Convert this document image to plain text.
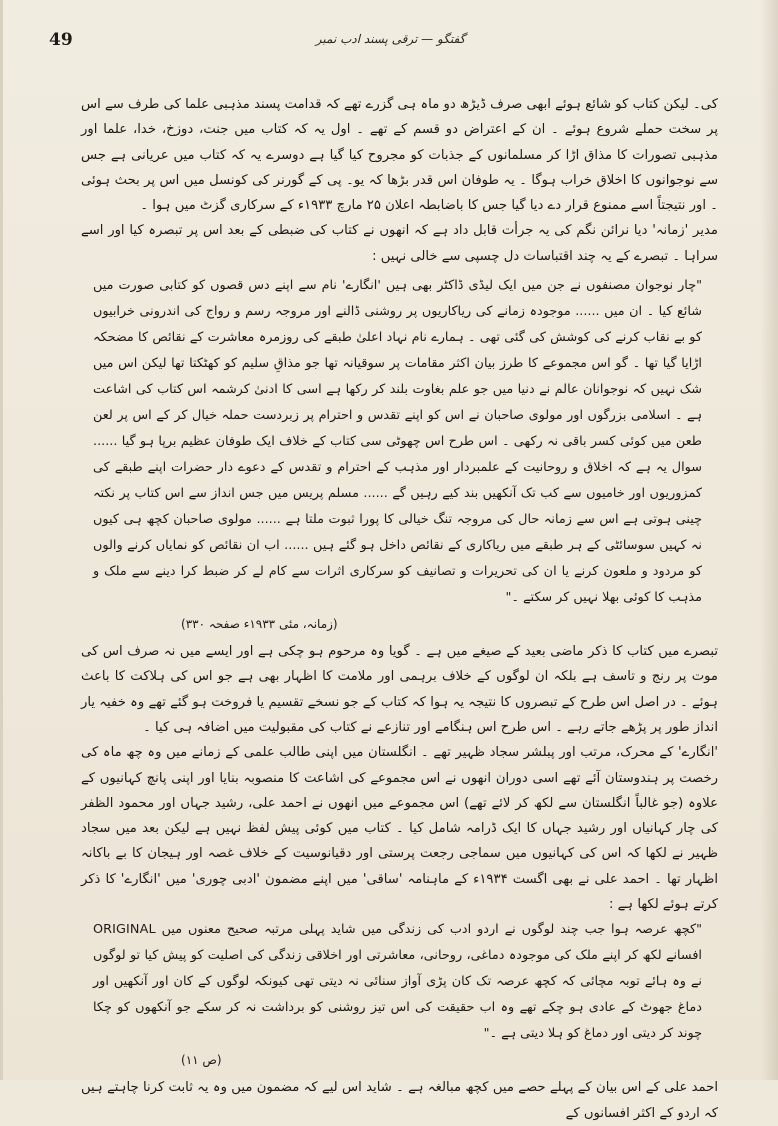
49	گفتگو — ترقی پسند ادب نمبر

کی۔ لیکن کتاب کو شائع ہوئے ابھی صرف ڈیڑھ دو ماہ ہی گزرے تھے کہ قدامت پسند مذہبی علما کی طرف سے اس پر سخت حملے شروع ہوئے ۔ ان کے اعتراض دو قسم کے تھے ۔ اول یہ کہ کتاب میں جنت، دوزخ، خدا، علما اور مذہبی تصورات کا مذاق اڑا کر مسلمانوں کے جذبات کو مجروح کیا گیا ہے دوسرے یہ کہ کتاب میں عریانی ہے جس سے نوجوانوں کا اخلاق خراب ہوگا ۔ یہ طوفان اس قدر بڑھا کہ یو۔ پی کے گورنر کی کونسل میں اس پر بحث ہوئی ۔ اور نتیجتاً اسے ممنوع قرار دے دیا گیا جس کا باضابطہ اعلان ۲۵ مارچ ۱۹۳۳ء کے سرکاری گزٹ میں ہوا ۔

مدیر 'زمانہ' دیا نرائن نگم کی یہ جرأت قابل داد ہے کہ انھوں نے کتاب کی ضبطی کے بعد اس پر تبصرہ کیا اور اسے سراہا ۔ تبصرے کے یہ چند اقتباسات دل چسپی سے خالی نہیں :

"چار نوجوان مصنفوں نے جن میں ایک لیڈی ڈاکٹر بھی ہیں 'انگارے' نام سے اپنے دس قصوں کو کتابی صورت میں شائع کیا ۔ ان میں ...... موجودہ زمانے کی ریاکاریوں پر روشنی ڈالنے اور مروجہ رسم و رواج کی اندرونی خرابیوں کو بے نقاب کرنے کی کوشش کی گئی تھی ۔ ہمارے نام نہاد اعلیٰ طبقے کی روزمرہ معاشرت کے نقائص کا مضحکہ اڑایا گیا تھا ۔ گو اس مجموعے کا طرز بیان اکثر مقامات پر سوقیانہ تھا جو مذاقِ سلیم کو کھٹکتا تھا لیکن اس میں شک نہیں کہ نوجوانان عالم نے دنیا میں جو علم بغاوت بلند کر رکھا ہے اسی کا ادنیٰ کرشمہ اس کتاب کی اشاعت ہے ۔ اسلامی بزرگوں اور مولوی صاحبان نے اس کو اپنے تقدس و احترام پر زبردست حملہ خیال کر کے اس پر لعن طعن میں کوئی کسر باقی نہ رکھی ۔ اس طرح اس چھوٹی سی کتاب کے خلاف ایک طوفان عظیم برپا ہو گیا ...... سوال یہ ہے کہ اخلاق و روحانیت کے علمبردار اور مذہب کے احترام و تقدس کے دعوے دار حضرات اپنے طبقے کی کمزوریوں اور خامیوں سے کب تک آنکھیں بند کیے رہیں گے ...... مسلم پریس میں جس انداز سے اس کتاب پر نکتہ چینی ہوتی ہے اس سے زمانہ حال کی مروجہ تنگ خیالی کا پورا ثبوت ملتا ہے ...... مولوی صاحبان کچھ ہی کیوں نہ کہیں سوسائٹی کے ہر طبقے میں ریاکاری کے نقائص داخل ہو گئے ہیں ...... اب ان نقائص کو نمایاں کرنے والوں کو مردود و ملعون کرنے یا ان کی تحریرات و تصانیف کو سرکاری اثرات سے کام لے کر ضبط کرا دینے سے ملک و مذہب کا کوئی بھلا نہیں کر سکتے ۔"

(زمانہ، مئی ۱۹۳۳ء صفحہ ۳۳۰)

تبصرے میں کتاب کا ذکر ماضی بعید کے صیغے میں ہے ۔ گویا وہ مرحوم ہو چکی ہے اور ایسے میں نہ صرف اس کی موت پر رنج و تاسف ہے بلکہ ان لوگوں کے خلاف برہمی اور ملامت کا اظہار بھی ہے جو اس کی ہلاکت کا باعث ہوئے ۔ در اصل اس طرح کے تبصروں کا نتیجہ یہ ہوا کہ کتاب کے جو نسخے تقسیم یا فروخت ہو گئے تھے وہ خفیہ یار انداز طور پر پڑھے جاتے رہے ۔ اس طرح اس ہنگامے اور تنازعے نے کتاب کی مقبولیت میں اضافہ ہی کیا ۔

'انگارے' کے محرک، مرتب اور پبلشر سجاد ظہیر تھے ۔ انگلستان میں اپنی طالب علمی کے زمانے میں وہ چھ ماہ کی رخصت پر ہندوستان آئے تھے اسی دوران انھوں نے اس مجموعے کی اشاعت کا منصوبہ بنایا اور اپنی پانچ کہانیوں کے علاوہ (جو غالباً انگلستان سے لکھ کر لائے تھے) اس مجموعے میں انھوں نے احمد علی، رشید جہاں اور محمود الظفر کی چار کہانیاں اور رشید جہاں کا ایک ڈرامہ شامل کیا ۔ کتاب میں کوئی پیش لفظ نہیں ہے لیکن بعد میں سجاد ظہیر نے لکھا کہ اس کی کہانیوں میں سماجی رجعت پرستی اور دقیانوسیت کے خلاف غصہ اور ہیجان کا بے باکانہ اظہار تھا ۔ احمد علی نے بھی اگست ۱۹۳۴ء کے ماہنامہ 'ساقی' میں اپنے مضمون 'ادبی چوری' میں 'انگارے' کا ذکر کرتے ہوئے لکھا ہے :

"کچھ عرصہ ہوا جب چند لوگوں نے اردو ادب کی زندگی میں شاید پہلی مرتبہ صحیح معنوں میں ORIGINAL افسانے لکھ کر اپنے ملک کی موجودہ دماغی، روحانی، معاشرتی اور اخلاقی زندگی کی اصلیت کو پیش کیا تو لوگوں نے وہ ہائے توبہ مچائی کہ کچھ عرصہ تک کان پڑی آواز سنائی نہ دیتی تھی کیونکہ لوگوں کے کان اور آنکھیں اور دماغ جھوٹ کے عادی ہو چکے تھے وہ اب حقیقت کی اس تیز روشنی کو برداشت نہ کر سکے جو آنکھوں کو چکا چوند کر دیتی اور دماغ کو ہلا دیتی ہے ۔"

(ص ۱۱)

احمد علی کے اس بیان کے پہلے حصے میں کچھ مبالغہ ہے ۔ شاید اس لیے کہ مضمون میں وہ یہ ثابت کرنا چاہتے ہیں کہ اردو کے اکثر افسانوں کے
